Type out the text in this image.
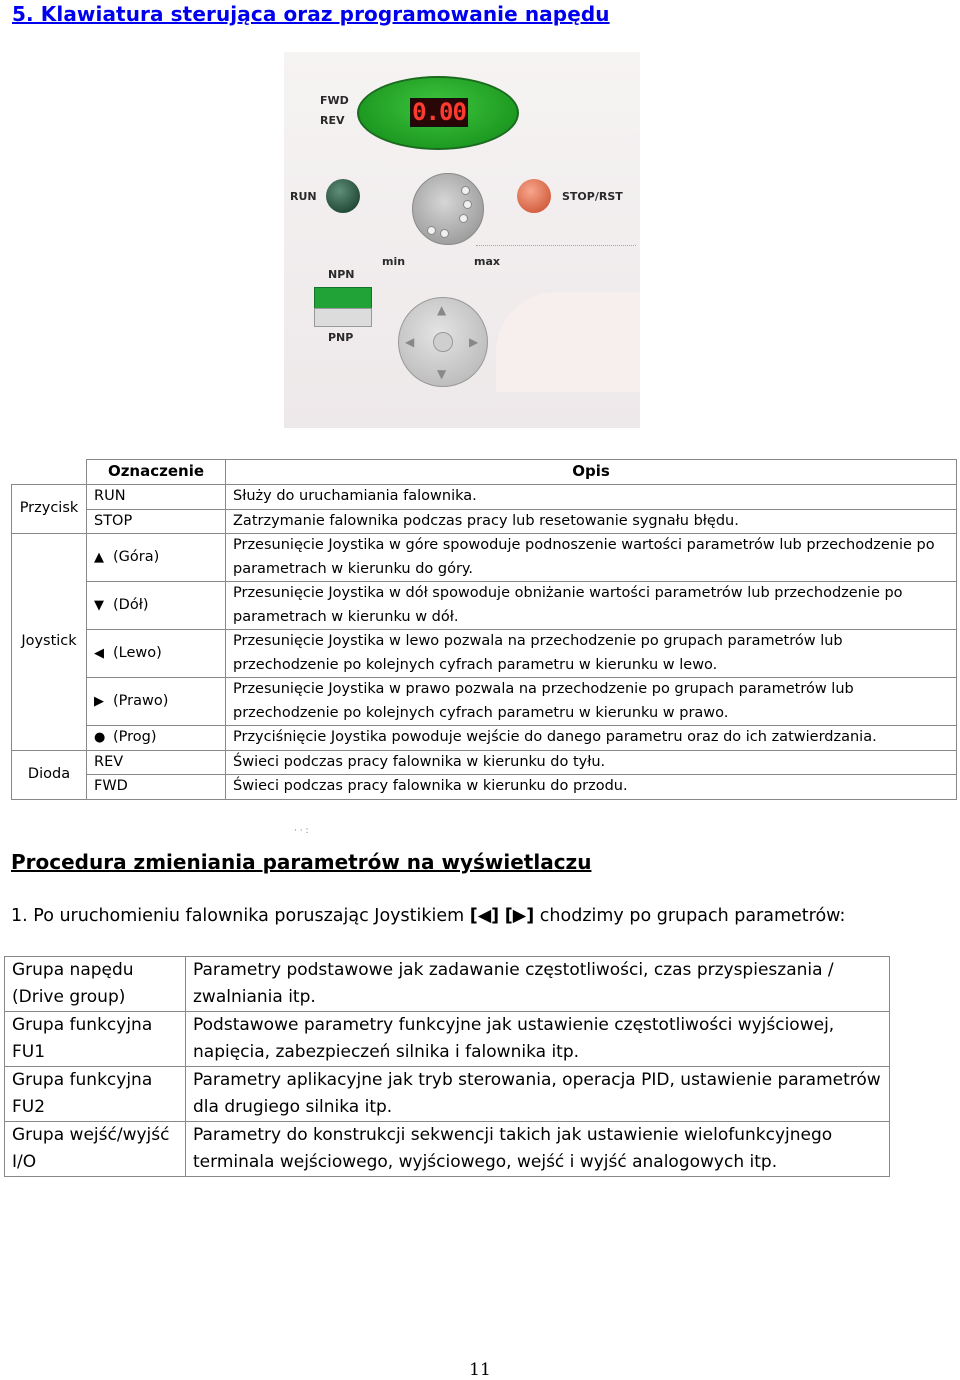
5. Klawiatura sterująca oraz programowanie napędu
FWD
REV	0.00
RUN
min	max
STOP/RST
NPN
PNP
▲
▼
◀	▶
	Oznaczenie	Opis
Przycisk	RUN	Służy do uruchamiania falownika.
	STOP	Zatrzymanie falownika podczas pracy lub resetowanie sygnału błędu.
Joystick	▲ (Góra)	Przesunięcie Joystika w góre spowoduje podnoszenie wartości parametrów lub przechodzenie po parametrach w kierunku do góry.
	▼ (Dół)	Przesunięcie Joystika w dół spowoduje obniżanie wartości parametrów lub przechodzenie po parametrach w kierunku w dół.
	◀ (Lewo)	Przesunięcie Joystika w lewo pozwala na przechodzenie po grupach parametrów lub przechodzenie po kolejnych cyfrach parametru w kierunku w lewo.
	▶ (Prawo)	Przesunięcie Joystika w prawo pozwala na przechodzenie po grupach parametrów lub przechodzenie po kolejnych cyfrach parametru w kierunku w prawo.
	● (Prog)	Przyciśnięcie Joystika powoduje wejście do danego parametru oraz do ich zatwierdzania.
Dioda	REV	Świeci podczas pracy falownika w kierunku do tyłu.
	FWD	Świeci podczas pracy falownika w kierunku do przodu.
· · :
Procedura zmieniania parametrów na wyświetlaczu

1. Po uruchomieniu falownika poruszając Joystikiem [◀] [▶] chodzimy po grupach parametrów:

Grupa napędu (Drive group)	Parametry podstawowe jak zadawanie częstotliwości, czas przyspieszania / zwalniania itp.
Grupa funkcyjna FU1	Podstawowe parametry funkcyjne jak ustawienie częstotliwości wyjściowej, napięcia, zabezpieczeń silnika i falownika itp.
Grupa funkcyjna FU2	Parametry aplikacyjne jak tryb sterowania, operacja PID, ustawienie parametrów dla drugiego silnika itp.
Grupa wejść/wyjść I/O	Parametry do konstrukcji sekwencji takich jak ustawienie wielofunkcyjnego terminala wejściowego, wyjściowego, wejść i wyjść analogowych itp.
11
